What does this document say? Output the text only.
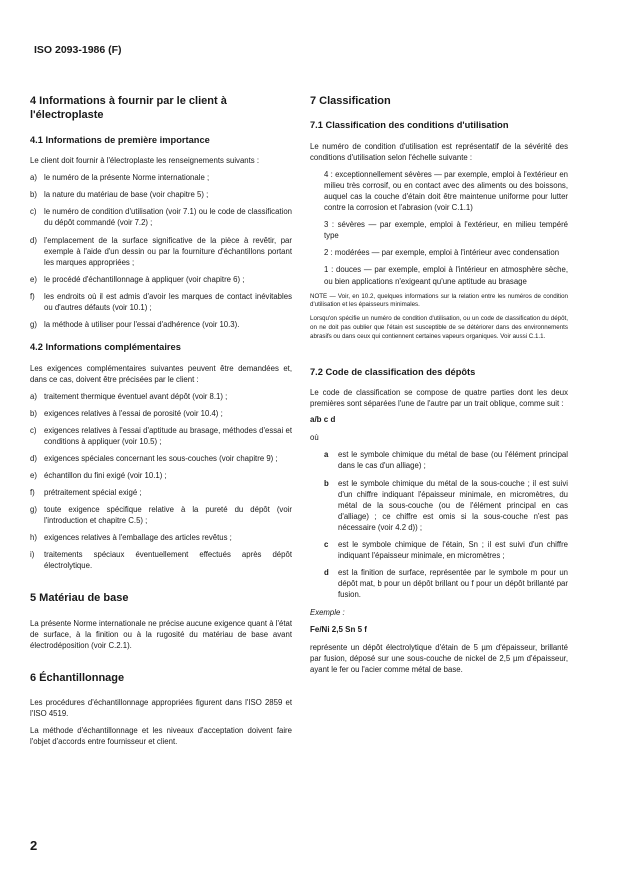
ISO 2093-1986 (F)
4 Informations à fournir par le client à l'électroplaste
4.1 Informations de première importance

Le client doit fournir à l'électroplaste les renseignements suivants :

a) le numéro de la présente Norme internationale ;
b) la nature du matériau de base (voir chapitre 5) ;
c) le numéro de condition d'utilisation (voir 7.1) ou le code de classification du dépôt commandé (voir 7.2) ;
d) l'emplacement de la surface significative de la pièce à revêtir, par exemple à l'aide d'un dessin ou par la fourniture d'échantillons portant les marques appropriées ;
e) le procédé d'échantillonnage à appliquer (voir chapitre 6) ;
f)	les endroits où il est admis d'avoir les marques de contact inévitables ou d'autres défauts (voir 10.1) ;
g) la méthode à utiliser pour l'essai d'adhérence (voir 10.3).
4.2 Informations complémentaires

Les exigences complémentaires suivantes peuvent être demandées et, dans ce cas, doivent être précisées par le client :

a) traitement thermique éventuel avant dépôt (voir 8.1) ;
b) exigences relatives à l'essai de porosité (voir 10.4) ;
c) exigences relatives à l'essai d'aptitude au brasage, méthodes d'essai et conditions à appliquer (voir 10.5) ;
d) exigences spéciales concernant les sous-couches (voir chapitre 9) ;
e) échantillon du fini exigé (voir 10.1) ;
f)	prétraitement spécial exigé ;
g) toute exigence spécifique relative à la pureté du dépôt (voir l'introduction et chapitre C.5) ;
h) exigences relatives à l'emballage des articles revêtus ;
i)	traitements spéciaux éventuellement effectués après dépôt électrolytique.
5 Matériau de base

La présente Norme internationale ne précise aucune exigence quant à l'état de surface, à la finition ou à la rugosité du matériau de base avant électrodéposition (voir C.2.1).

6 Échantillonnage

Les procédures d'échantillonnage appropriées figurent dans l'ISO 2859 et l'ISO 4519.

La méthode d'échantillonnage et les niveaux d'acceptation doivent faire l'objet d'accords entre fournisseur et client.

7 Classification
7.1 Classification des conditions d'utilisation

Le numéro de condition d'utilisation est représentatif de la sévérité des conditions d'utilisation selon l'échelle suivante :

4 : exceptionnellement sévères — par exemple, emploi à l'extérieur en milieu très corrosif, ou en contact avec des aliments ou des boissons, auquel cas la couche d'étain doit être maintenue uniforme pour lutter contre la corrosion et l'abrasion (voir C.1.1)

3 : sévères — par exemple, emploi à l'extérieur, en milieu tempéré type

2 : modérées — par exemple, emploi à l'intérieur avec condensation

1 : douces — par exemple, emploi à l'intérieur en atmosphère sèche, ou bien applications n'exigeant qu'une aptitude au brasage

NOTE — Voir, en 10.2, quelques informations sur la relation entre les numéros de condition d'utilisation et les épaisseurs minimales.

Lorsqu'on spécifie un numéro de condition d'utilisation, ou un code de classification du dépôt, on ne doit pas oublier que l'étain est susceptible de se détériorer dans des environnements abrasifs ou dans ceux qui contiennent certaines vapeurs organiques. Voir aussi C.1.1.

7.2 Code de classification des dépôts

Le code de classification se compose de quatre parties dont les deux premières sont séparées l'une de l'autre par un trait oblique, comme suit :

a/b c d

où

a	est le symbole chimique du métal de base (ou l'élément principal dans le cas d'un alliage) ;
b	est le symbole chimique du métal de la sous-couche ; il est suivi d'un chiffre indiquant l'épaisseur minimale, en micromètres, du métal de la sous-couche (ou de l'élément principal en cas d'alliage) ; ce chiffre est omis si la sous-couche n'est pas nécessaire (voir 4.2 d)) ;
c	est le symbole chimique de l'étain, Sn ; il est suivi d'un chiffre indiquant l'épaisseur minimale, en micromètres ;
d	est la finition de surface, représentée par le symbole m pour un dépôt mat, b pour un dépôt brillant ou f pour un dépôt brillanté par fusion.
Exemple :
Fe/Ni 2,5 Sn 5 f

représente un dépôt électrolytique d'étain de 5 µm d'épaisseur, brillanté par fusion, déposé sur une sous-couche de nickel de 2,5 µm d'épaisseur, ayant le fer ou l'acier comme métal de base.

2
